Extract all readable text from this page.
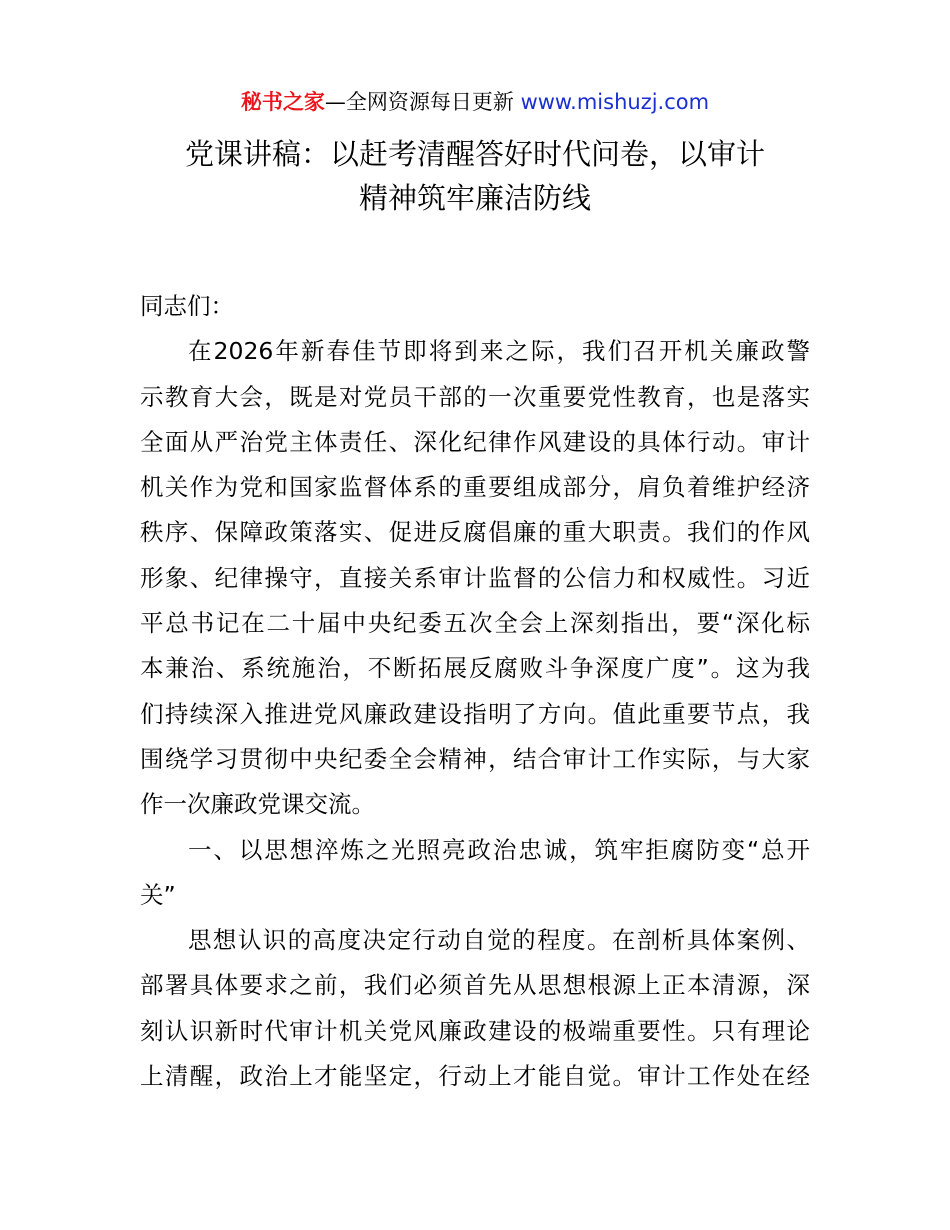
秘书之家—全网资源每日更新 www.mishuzj.com
党课讲稿：以赶考清醒答好时代问卷，以审计
精神筑牢廉洁防线
同志们：
在2026年新春佳节即将到来之际，我们召开机关廉政警
示教育大会，既是对党员干部的一次重要党性教育，也是落实
全面从严治党主体责任、深化纪律作风建设的具体行动。审计
机关作为党和国家监督体系的重要组成部分，肩负着维护经济
秩序、保障政策落实、促进反腐倡廉的重大职责。我们的作风
形象、纪律操守，直接关系审计监督的公信力和权威性。习近
平总书记在二十届中央纪委五次全会上深刻指出，要“深化标
本兼治、系统施治，不断拓展反腐败斗争深度广度”。这为我
们持续深入推进党风廉政建设指明了方向。值此重要节点，我
围绕学习贯彻中央纪委全会精神，结合审计工作实际，与大家
作一次廉政党课交流。
一、以思想淬炼之光照亮政治忠诚，筑牢拒腐防变“总开
关”
思想认识的高度决定行动自觉的程度。在剖析具体案例、
部署具体要求之前，我们必须首先从思想根源上正本清源，深
刻认识新时代审计机关党风廉政建设的极端重要性。只有理论
上清醒，政治上才能坚定，行动上才能自觉。审计工作处在经
